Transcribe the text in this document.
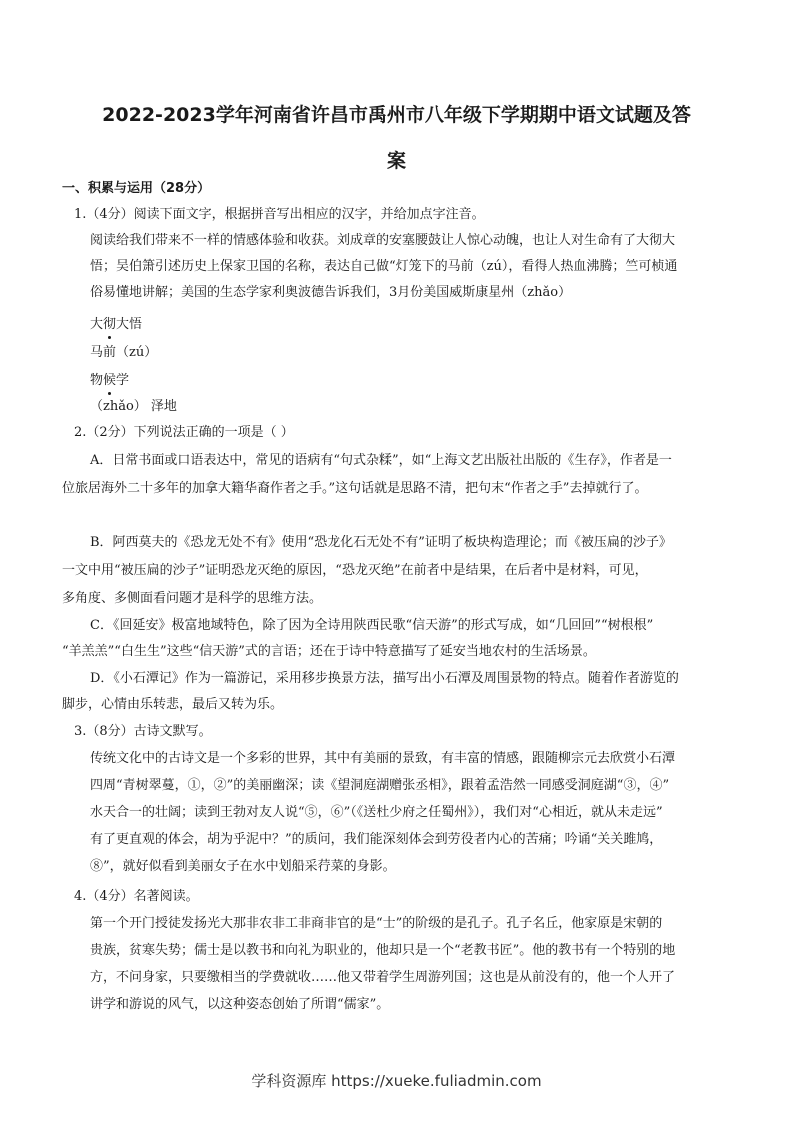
2022-2023学年河南省许昌市禹州市八年级下学期期中语文试题及答
案
一、积累与运用（28分）
1.（4分）阅读下面文字，根据拼音写出相应的汉字，并给加点字注音。
阅读给我们带来不一样的情感体验和收获。刘成章的安塞腰鼓让人惊心动魄，也让人对生命有了大彻大
悟；吴伯箫引述历史上保家卫国的名称，表达自己做“灯笼下的马前（zú），看得人热血沸腾；竺可桢通
俗易懂地讲解；美国的生态学家利奥波德告诉我们，3月份美国威斯康星州（zhǎo）
大彻大悟
马前（zú）
物候学
（zhǎo） 泽地
2.（2分）下列说法正确的一项是（ ）
A．日常书面或口语表达中，常见的语病有“句式杂糅”，如“上海文艺出版社出版的《生存》，作者是一
位旅居海外二十多年的加拿大籍华裔作者之手。”这句话就是思路不清，把句末“作者之手”去掉就行了。
B．阿西莫夫的《恐龙无处不有》使用“恐龙化石无处不有”证明了板块构造理论；而《被压扁的沙子》
一文中用“被压扁的沙子”证明恐龙灭绝的原因，“恐龙灭绝”在前者中是结果，在后者中是材料，可见，
多角度、多侧面看问题才是科学的思维方法。
C．《回延安》极富地域特色，除了因为全诗用陕西民歌“信天游”的形式写成，如“几回回”“树根根”
“羊羔羔”“白生生”这些“信天游”式的言语；还在于诗中特意描写了延安当地农村的生活场景。
D．《小石潭记》作为一篇游记，采用移步换景方法，描写出小石潭及周围景物的特点。随着作者游览的
脚步，心情由乐转悲，最后又转为乐。
3.（8分）古诗文默写。
传统文化中的古诗文是一个多彩的世界，其中有美丽的景致，有丰富的情感，跟随柳宗元去欣赏小石潭
四周“青树翠蔓，①，②”的美丽幽深；读《望洞庭湖赠张丞相》，跟着孟浩然一同感受洞庭湖“③，④”
水天合一的壮阔；读到王勃对友人说“⑤，⑥”（《送杜少府之任蜀州》），我们对“心相近，就从未走远”
有了更直观的体会，胡为乎泥中？”的质问，我们能深刻体会到劳役者内心的苦痛；吟诵“关关雎鸠，
⑧”，就好似看到美丽女子在水中划船采荇菜的身影。
4.（4分）名著阅读。
第一个开门授徒发扬光大那非农非工非商非官的是“士”的阶级的是孔子。孔子名丘，他家原是宋朝的
贵族，贫寒失势；儒士是以教书和向礼为职业的，他却只是一个“老教书匠”。他的教书有一个特别的地
方，不问身家，只要缴相当的学费就收……他又带着学生周游列国；这也是从前没有的，他一个人开了
讲学和游说的风气，以这种姿态创始了所谓“儒家”。
学科资源库 https://xueke.fuliadmin.com
